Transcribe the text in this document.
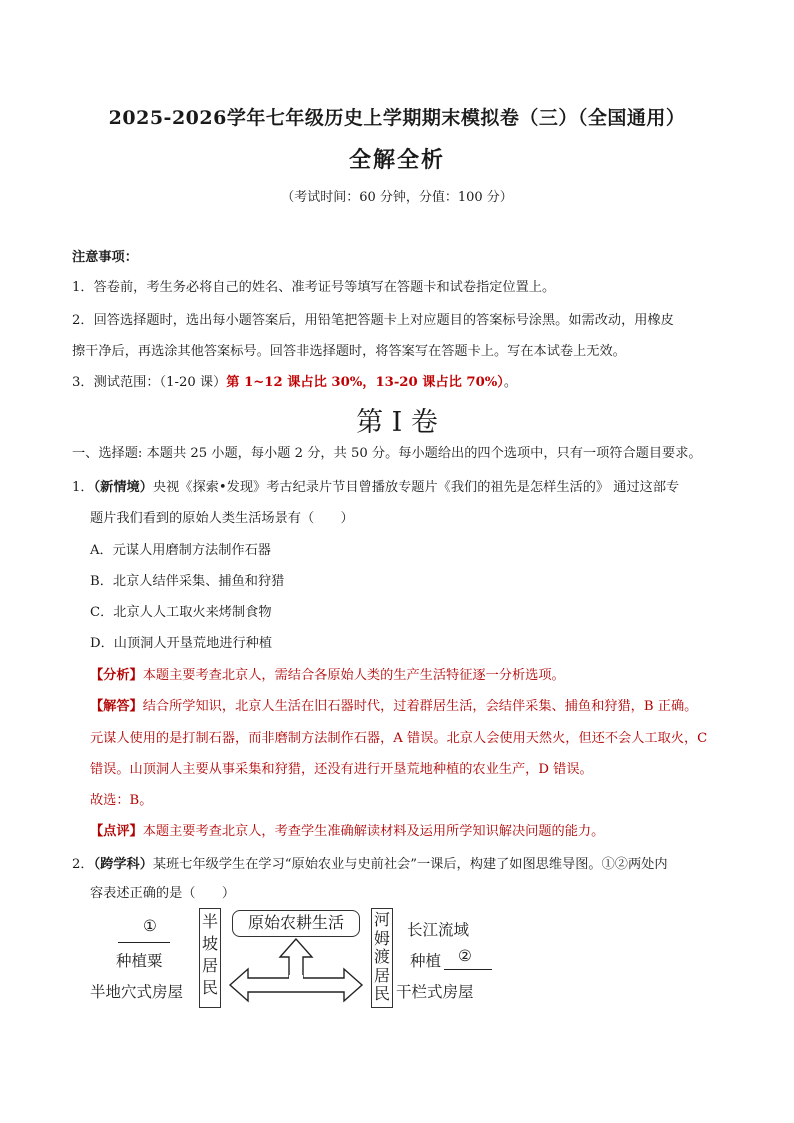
2025-2026学年七年级历史上学期期末模拟卷（三）（全国通用）
全解全析
（考试时间：60 分钟，分值：100 分）
注意事项：
1．答卷前，考生务必将自己的姓名、准考证号等填写在答题卡和试卷指定位置上。
2．回答选择题时，选出每小题答案后，用铅笔把答题卡上对应题目的答案标号涂黑。如需改动，用橡皮
擦干净后，再选涂其他答案标号。回答非选择题时，将答案写在答题卡上。写在本试卷上无效。
3．测试范围：（1-20 课）第 1~12 课占比 30%，13-20 课占比 70%）。
第 I 卷
一、选择题: 本题共 25 小题，每小题 2 分，共 50 分。每小题给出的四个选项中，只有一项符合题目要求。
1．（新情境）央视《探索•发现》考古纪录片节目曾播放专题片《我们的祖先是怎样生活的》 通过这部专
题片我们看到的原始人类生活场景有（　　）
A．元谋人用磨制方法制作石器
B．北京人结伴采集、捕鱼和狩猎
C．北京人人工取火来烤制食物
D．山顶洞人开垦荒地进行种植
【分析】本题主要考查北京人，需结合各原始人类的生产生活特征逐一分析选项。
【解答】结合所学知识，北京人生活在旧石器时代，过着群居生活，会结伴采集、捕鱼和狩猎，B 正确。
元谋人使用的是打制石器，而非磨制方法制作石器，A 错误。北京人会使用天然火，但还不会人工取火，C
错误。山顶洞人主要从事采集和狩猎，还没有进行开垦荒地种植的农业生产，D 错误。
故选：B。
【点评】本题主要考查北京人，考查学生准确解读材料及运用所学知识解决问题的能力。
2．（跨学科）某班七年级学生在学习“原始农业与史前社会”一课后，构建了如图思维导图。①②两处内
容表述正确的是（　　）
①
种植粟
半地穴式房屋
半
坡
居
民
原始农耕生活	河
姆
渡
居
民
长江流域
种植	②
干栏式房屋
